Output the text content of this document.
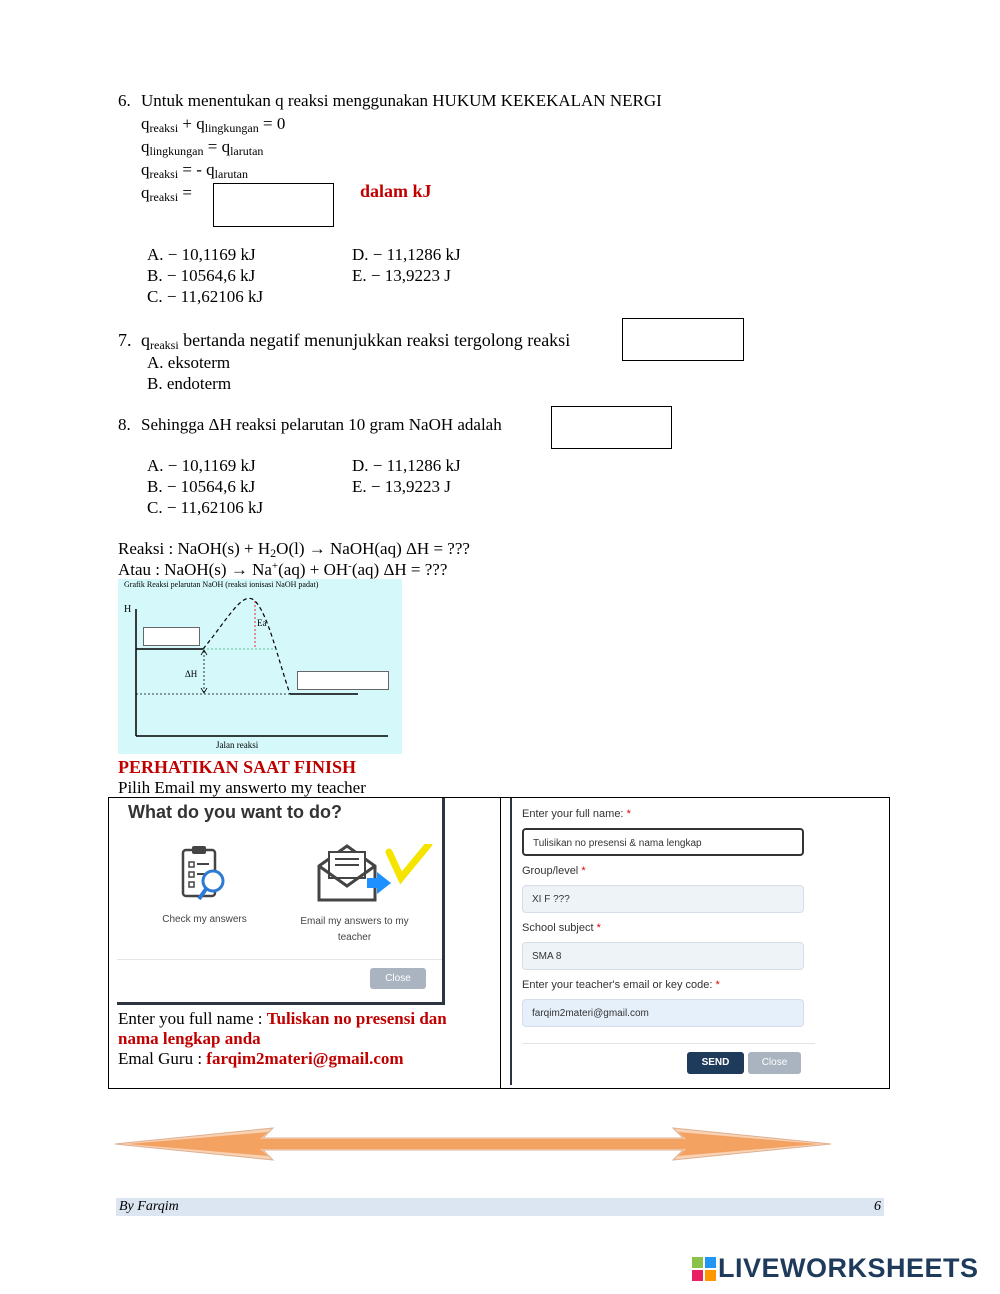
6. Untuk menentukan q reaksi menggunakan HUKUM KEKEKALAN NERGI
$q_{reaksi} + q_{lingkungan} = 0$
$q_{lingkungan} = q_{larutan}$
$q_{reaksi}$ = - $q_{larutan}$
$q_{reaksi}$ =	dalam kJ
A. − 10,1169 kJ
B. − 10564,6 kJ
C. − 11,62106 kJ
D. − 11,1286 kJ
E. − 13,9223 J
7. $q_{reaksi}$ bertanda negatif menunjukkan reaksi tergolong reaksi
A. eksoterm
B. endoterm
8. Sehingga ΔH reaksi pelarutan 10 gram NaOH adalah
A. − 10,1169 kJ
B. − 10564,6 kJ
C. − 11,62106 kJ
D. − 11,1286 kJ
E. − 13,9223 J
Reaksi : NaOH(s) + $H_2O(l)$ → NaOH(aq) ΔH = ???
Atau : NaOH(s) → Na+(aq) + OH-(aq) ΔH = ???
Grafik Reaksi pelarutan NaOH (reaksi ionisasi NaOH padat)
H
Jalan reaksi
Ea
ΔH
PERHATIKAN SAAT FINISH
Pilih Email my answerto my teacher
What do you want to do?
Check my answers	Email my answers to my
teacher
Close
Enter you full name : Tuliskan no presensi dan
nama lengkap anda
Emal Guru : farqim2materi@gmail.com
Enter your full name: *
Tulisikan no presensi & nama lengkap
Group/level *
XI F ???
School subject *
SMA 8
Enter your teacher's email or key code: *
farqim2materi@gmail.com
SEND	Close
By Farqim	6
LIVEWORKSHEETS
